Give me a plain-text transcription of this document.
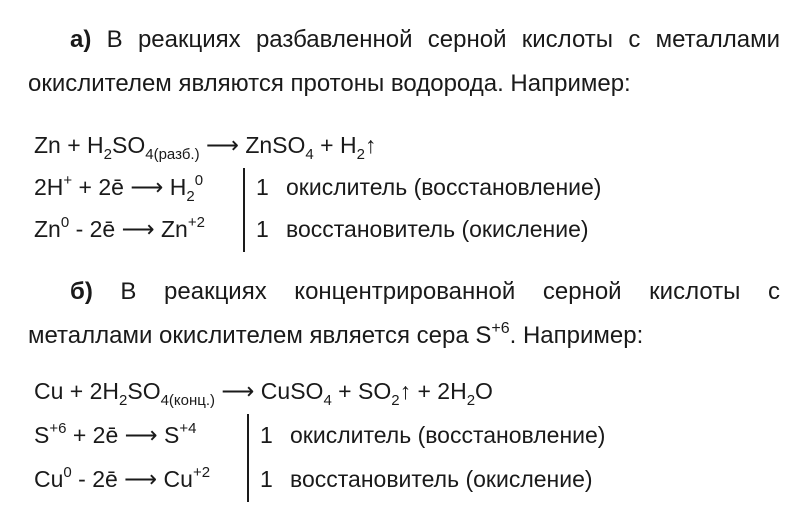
а) В реакциях разбавленной серной кислоты с металлами
окислителем являются протоны водорода. Например:
$Zn + H_2SO_{4(разб.)}$ ⟶ ZnSO$_4$ + $H_2↑$
2H+ + 2ē ⟶ $H_2^0$
Zn$^0$ - 2ē ⟶ $Zn^{+2}$
1 окислитель (восстановление)
1 восстановитель (окисление)
б) В реакциях концентрированной серной кислоты с
металлами окислителем является сера $S^{+6}$. Например:
$Cu + 2H_2SO_{4(конц.)}$ ⟶ CuSO$_4$ + $SO_2↑ + 2H_2O$
$S^{+6}$ + 2ē ⟶ $S^{+4}$
Cu$^0$ - 2ē ⟶ $Cu^{+2}$
1 окислитель (восстановление)
1 восстановитель (окисление)
